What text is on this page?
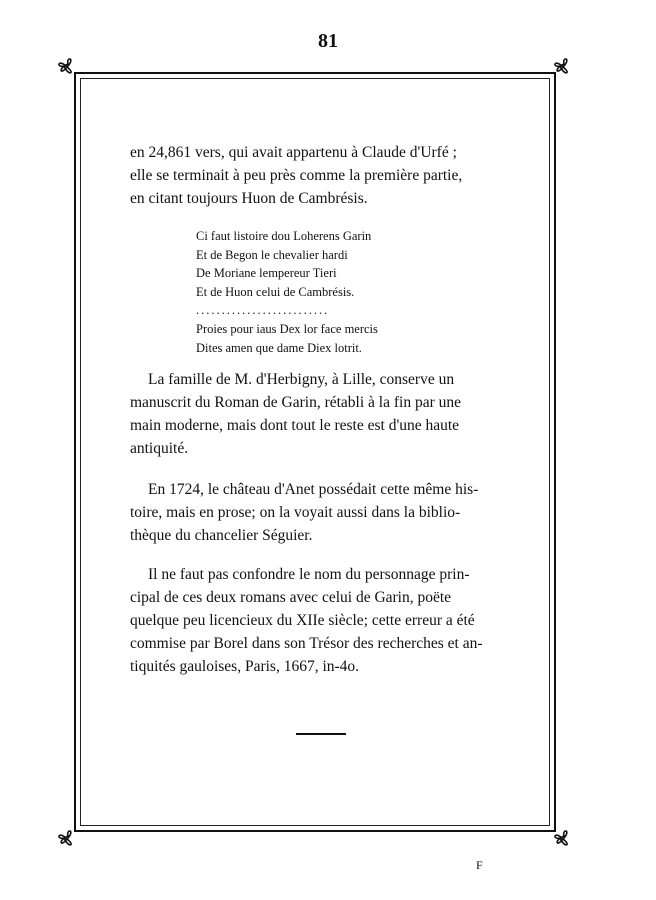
81
en 24,861 vers, qui avait appartenu à Claude d'Urfé ;
elle se terminait à peu près comme la première partie,
en citant toujours Huon de Cambrésis.
Ci faut listoire dou Loherens Garin
Et de Begon le chevalier hardi
De Moriane lempereur Tieri
Et de Huon celui de Cambrésis.
..........................
Proies pour iaus Dex lor face mercis
Dites amen que dame Diex lotrit.
La famille de M. d'Herbigny, à Lille, conserve un
manuscrit du Roman de Garin, rétabli à la fin par une
main moderne, mais dont tout le reste est d'une haute
antiquité.
En 1724, le château d'Anet possédait cette même his-
toire, mais en prose; on la voyait aussi dans la biblio-
thèque du chancelier Séguier.
Il ne faut pas confondre le nom du personnage prin-
cipal de ces deux romans avec celui de Garin, poëte
quelque peu licencieux du XIIe siècle; cette erreur a été
commise par Borel dans son Trésor des recherches et an-
tiquités gauloises, Paris, 1667, in-4o.
F
